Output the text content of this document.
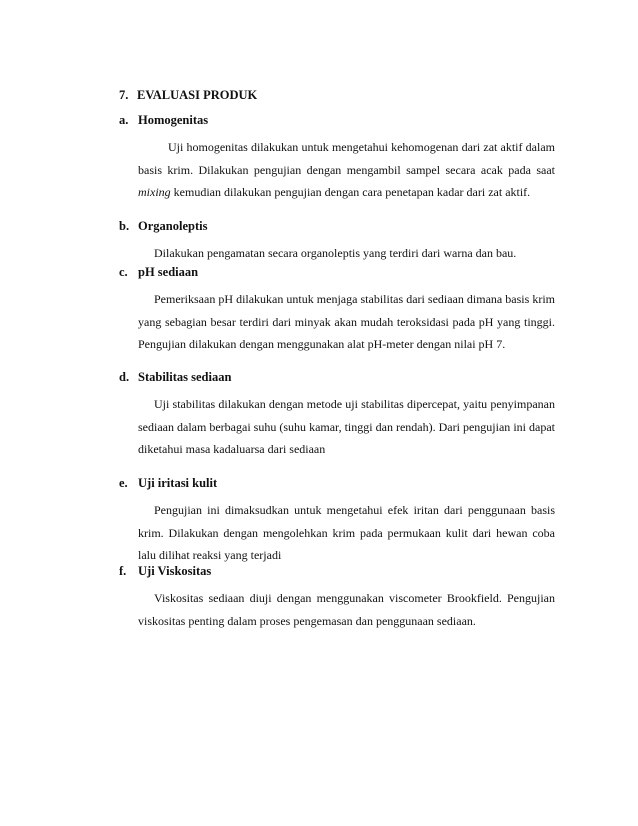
7. EVALUASI PRODUK
a. Homogenitas
Uji homogenitas dilakukan untuk mengetahui kehomogenan dari zat aktif dalam basis krim. Dilakukan pengujian dengan mengambil sampel secara acak pada saat mixing kemudian dilakukan pengujian dengan cara penetapan kadar dari zat aktif.
b. Organoleptis
Dilakukan pengamatan secara organoleptis yang terdiri dari warna dan bau.
c. pH sediaan
Pemeriksaan pH dilakukan untuk menjaga stabilitas dari sediaan dimana basis krim yang sebagian besar terdiri dari minyak akan mudah teroksidasi pada pH yang tinggi. Pengujian dilakukan dengan menggunakan alat pH-meter dengan nilai pH 7.
d. Stabilitas sediaan
Uji stabilitas dilakukan dengan metode uji stabilitas dipercepat, yaitu penyimpanan sediaan dalam berbagai suhu (suhu kamar, tinggi dan rendah). Dari pengujian ini dapat diketahui masa kadaluarsa dari sediaan
e. Uji iritasi kulit
Pengujian ini dimaksudkan untuk mengetahui efek iritan dari penggunaan basis krim. Dilakukan dengan mengolehkan krim pada permukaan kulit dari hewan coba lalu dilihat reaksi yang terjadi
f. Uji Viskositas
Viskositas sediaan diuji dengan menggunakan viscometer Brookfield. Pengujian viskositas penting dalam proses pengemasan dan penggunaan sediaan.
